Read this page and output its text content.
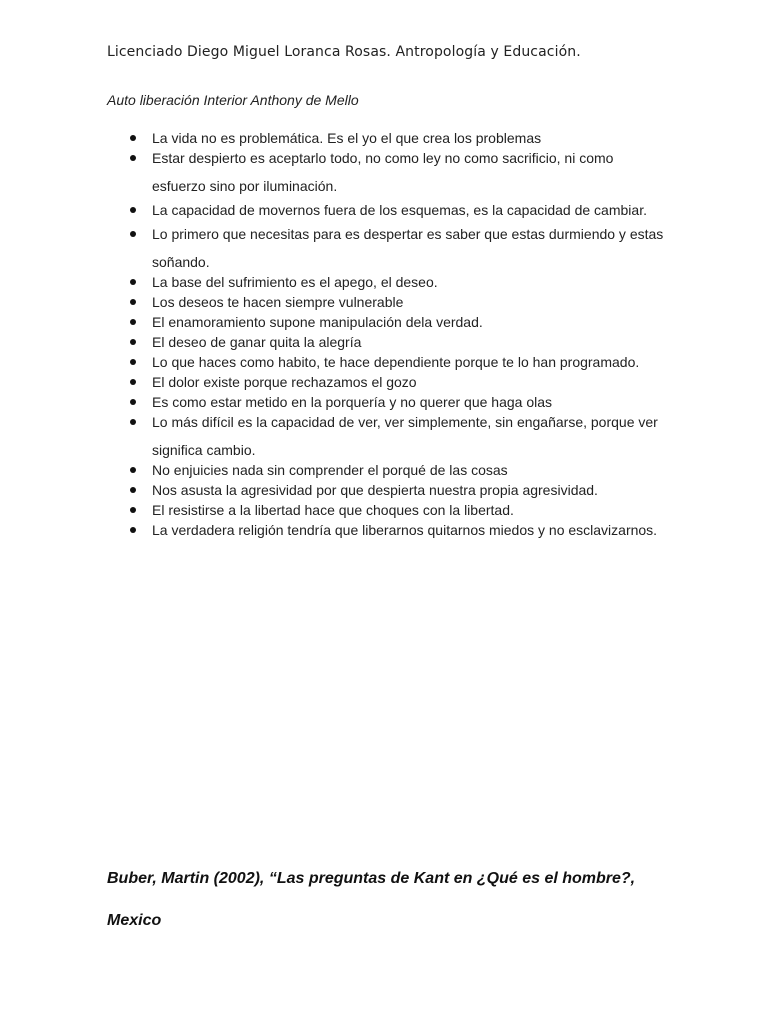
Licenciado Diego Miguel Loranca Rosas. Antropología y Educación.
Auto liberación Interior Anthony de Mello
La vida no es problemática. Es el yo el que crea los problemas
Estar despierto es aceptarlo todo, no como ley no como sacrificio, ni como esfuerzo sino por iluminación.
La capacidad de movernos fuera de los esquemas, es la capacidad de cambiar.
Lo primero que necesitas para es despertar es saber que estas durmiendo y estas soñando.
La base del sufrimiento es el apego, el deseo.
Los deseos te hacen siempre vulnerable
El enamoramiento supone manipulación dela verdad.
El deseo de ganar quita la alegría
Lo que haces como habito, te hace dependiente porque te lo han programado.
El dolor existe porque rechazamos el gozo
Es como estar metido en la porquería y no querer que haga olas
Lo más difícil es la capacidad de ver, ver simplemente, sin engañarse, porque ver significa cambio.
No enjuicies nada sin comprender el porqué de las cosas
Nos asusta la agresividad por que despierta nuestra propia agresividad.
El resistirse a la libertad hace que choques con la libertad.
La verdadera religión tendría que liberarnos quitarnos miedos y no esclavizarnos.
Buber, Martin (2002), “Las preguntas de Kant en ¿Qué es el hombre?,
Mexico
